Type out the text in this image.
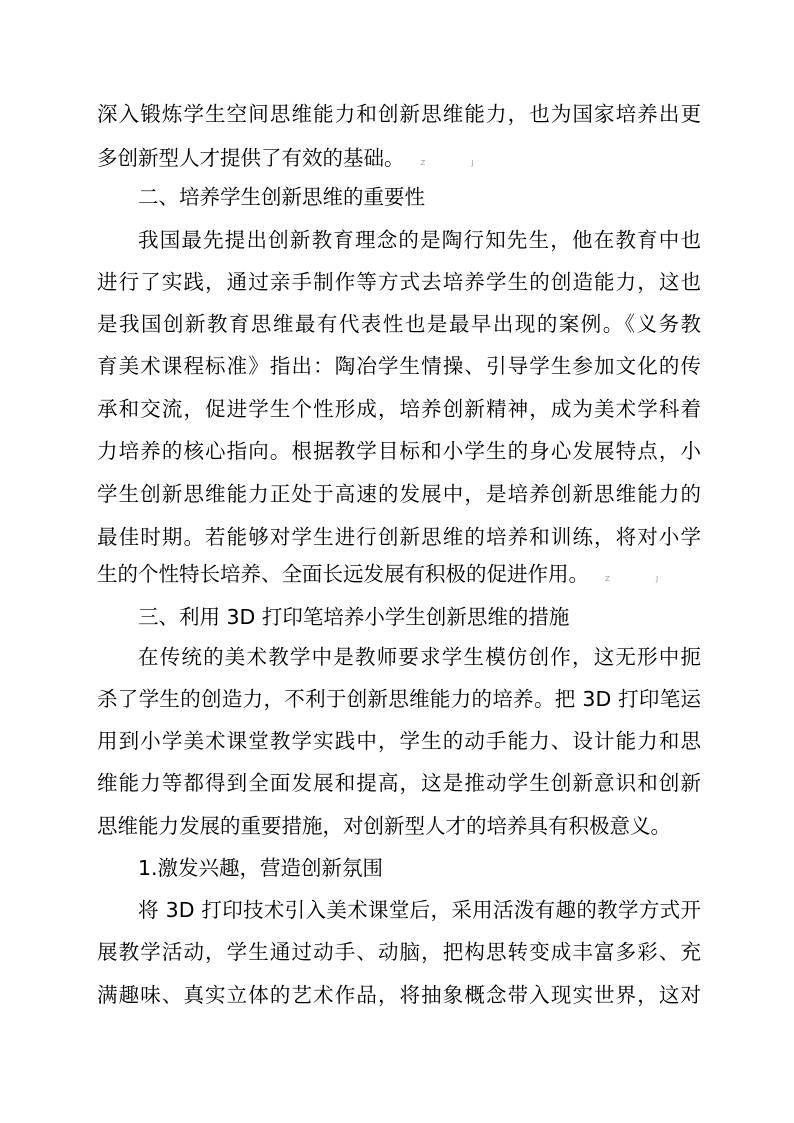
深入锻炼学生空间思维能力和创新思维能力，也为国家培养出更
多创新型人才提供了有效的基础。 Z J
二、培养学生创新思维的重要性
我国最先提出创新教育理念的是陶行知先生，他在教育中也
进行了实践，通过亲手制作等方式去培养学生的创造能力，这也
是我国创新教育思维最有代表性也是最早出现的案例。《义务教
育美术课程标准》指出：陶冶学生情操、引导学生参加文化的传
承和交流，促进学生个性形成，培养创新精神，成为美术学科着
力培养的核心指向。根据教学目标和小学生的身心发展特点，小
学生创新思维能力正处于高速的发展中，是培养创新思维能力的
最佳时期。若能够对学生进行创新思维的培养和训练，将对小学
生的个性特长培养、全面长远发展有积极的促进作用。 Z J
三、利用 3D 打印笔培养小学生创新思维的措施
在传统的美术教学中是教师要求学生模仿创作，这无形中扼
杀了学生的创造力，不利于创新思维能力的培养。把 3D 打印笔运
用到小学美术课堂教学实践中，学生的动手能力、设计能力和思
维能力等都得到全面发展和提高，这是推动学生创新意识和创新
思维能力发展的重要措施，对创新型人才的培养具有积极意义。
1.激发兴趣，营造创新氛围
将 3D 打印技术引入美术课堂后，采用活泼有趣的教学方式开
展教学活动，学生通过动手、动脑，把构思转变成丰富多彩、充
满趣味、真实立体的艺术作品，将抽象概念带入现实世界，这对
